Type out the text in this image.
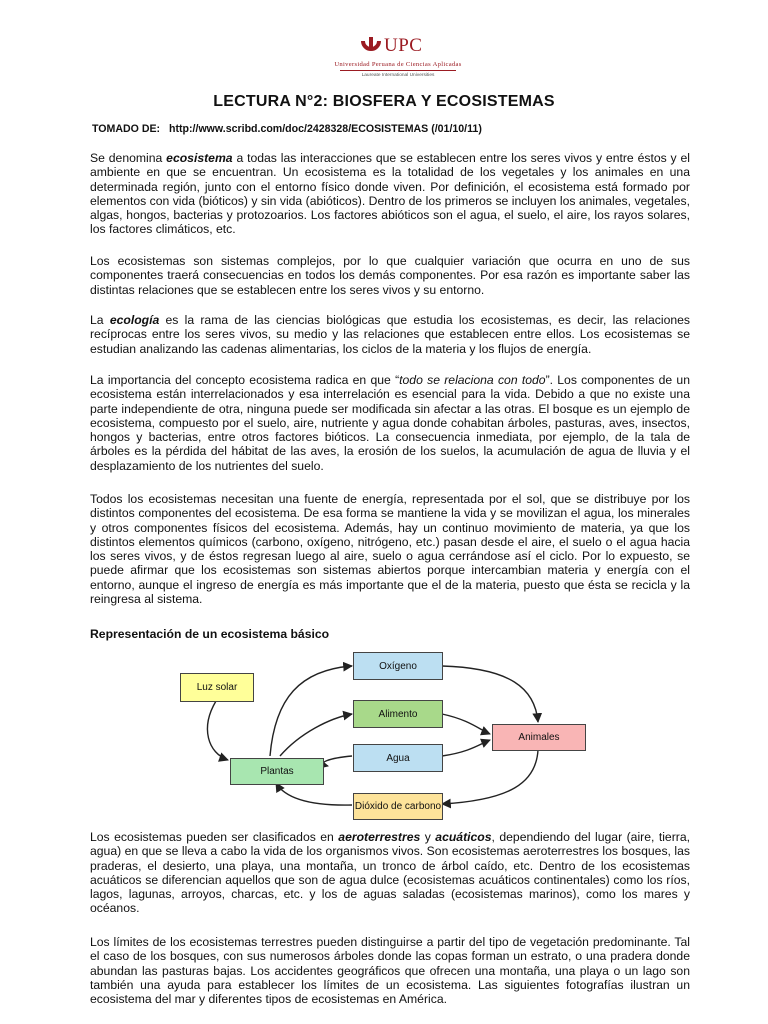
UPC
Universidad Peruana de Ciencias Aplicadas
Laureate International Universities
LECTURA N°2: BIOSFERA Y ECOSISTEMAS
TOMADO DE: http://www.scribd.com/doc/2428328/ECOSISTEMAS (/01/10/11)

Se denomina ecosistema a todas las interacciones que se establecen entre los seres vivos y entre éstos y el ambiente en que se encuentran. Un ecosistema es la totalidad de los vegetales y los animales en una determinada región, junto con el entorno físico donde viven. Por definición, el ecosistema está formado por elementos con vida (bióticos) y sin vida (abióticos). Dentro de los primeros se incluyen los animales, vegetales, algas, hongos, bacterias y protozoarios. Los factores abióticos son el agua, el suelo, el aire, los rayos solares, los factores climáticos, etc.

Los ecosistemas son sistemas complejos, por lo que cualquier variación que ocurra en uno de sus componentes traerá consecuencias en todos los demás componentes. Por esa razón es importante saber las distintas relaciones que se establecen entre los seres vivos y su entorno.

La ecología es la rama de las ciencias biológicas que estudia los ecosistemas, es decir, las relaciones recíprocas entre los seres vivos, su medio y las relaciones que establecen entre ellos. Los ecosistemas se estudian analizando las cadenas alimentarias, los ciclos de la materia y los flujos de energía.

La importancia del concepto ecosistema radica en que “todo se relaciona con todo”. Los componentes de un ecosistema están interrelacionados y esa interrelación es esencial para la vida. Debido a que no existe una parte independiente de otra, ninguna puede ser modificada sin afectar a las otras. El bosque es un ejemplo de ecosistema, compuesto por el suelo, aire, nutriente y agua donde cohabitan árboles, pasturas, aves, insectos, hongos y bacterias, entre otros factores bióticos. La consecuencia inmediata, por ejemplo, de la tala de árboles es la pérdida del hábitat de las aves, la erosión de los suelos, la acumulación de agua de lluvia y el desplazamiento de los nutrientes del suelo.

Todos los ecosistemas necesitan una fuente de energía, representada por el sol, que se distribuye por los distintos componentes del ecosistema. De esa forma se mantiene la vida y se movilizan el agua, los minerales y otros componentes físicos del ecosistema. Además, hay un continuo movimiento de materia, ya que los distintos elementos químicos (carbono, oxígeno, nitrógeno, etc.) pasan desde el aire, el suelo o el agua hacia los seres vivos, y de éstos regresan luego al aire, suelo o agua cerrándose así el ciclo. Por lo expuesto, se puede afirmar que los ecosistemas son sistemas abiertos porque intercambian materia y energía con el entorno, aunque el ingreso de energía es más importante que el de la materia, puesto que ésta se recicla y la reingresa al sistema.

Representación de un ecosistema básico
Luz solar
Oxígeno
Alimento
Agua
Animales
Plantas
Dióxido de carbono

Los ecosistemas pueden ser clasificados en aeroterrestres y acuáticos, dependiendo del lugar (aire, tierra, agua) en que se lleva a cabo la vida de los organismos vivos. Son ecosistemas aeroterrestres los bosques, las praderas, el desierto, una playa, una montaña, un tronco de árbol caído, etc. Dentro de los ecosistemas acuáticos se diferencian aquellos que son de agua dulce (ecosistemas acuáticos continentales) como los ríos, lagos, lagunas, arroyos, charcas, etc. y los de aguas saladas (ecosistemas marinos), como los mares y océanos.

Los límites de los ecosistemas terrestres pueden distinguirse a partir del tipo de vegetación predominante. Tal el caso de los bosques, con sus numerosos árboles donde las copas forman un estrato, o una pradera donde abundan las pasturas bajas. Los accidentes geográficos que ofrecen una montaña, una playa o un lago son también una ayuda para establecer los límites de un ecosistema. Las siguientes fotografías ilustran un ecosistema del mar y diferentes tipos de ecosistemas en América.
